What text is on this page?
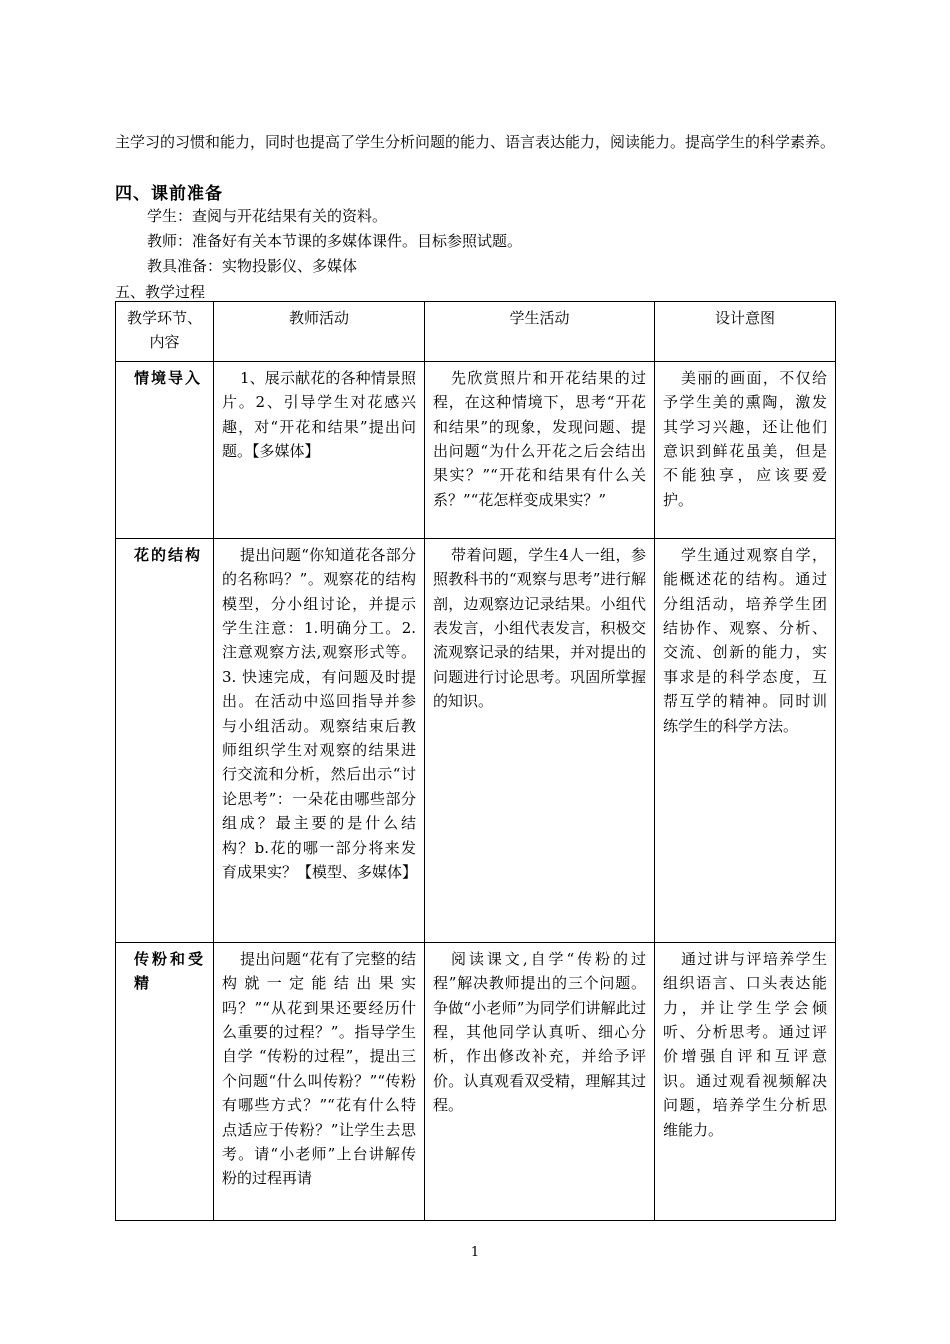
主学习的习惯和能力，同时也提高了学生分析问题的能力、语言表达能力，阅读能力。提高学生的科学素养。
四、课前准备
学生：查阅与开花结果有关的资料。
教师：准备好有关本节课的多媒体课件。目标参照试题。
教具准备：实物投影仪、多媒体
五、教学过程
教学环节、内容	教师活动	学生活动	设计意图
情境导入	1、展示献花的各种情景照片。2、引导学生对花感兴趣，对“开花和结果”提出问题。【多媒体】	先欣赏照片和开花结果的过程，在这种情境下，思考“开花和结果”的现象，发现问题、提出问题“为什么开花之后会结出果实？”“开花和结果有什么关系？”“花怎样变成果实？”	美丽的画面，不仅给予学生美的熏陶，激发其学习兴趣，还让他们意识到鲜花虽美，但是不能独享，应该要爱护。
花的结构	提出问题“你知道花各部分的名称吗？”。观察花的结构模型，分小组讨论，并提示学生注意：1.明确分工。2. 注意观察方法,观察形式等。3. 快速完成，有问题及时提出。在活动中巡回指导并参与小组活动。观察结束后教师组织学生对观察的结果进行交流和分析，然后出示“讨论思考”：一朵花由哪些部分组成？最主要的是什么结构？b.花的哪一部分将来发育成果实？【模型、多媒体】	带着问题，学生4人一组，参照教科书的“观察与思考”进行解剖，边观察边记录结果。小组代表发言，小组代表发言，积极交流观察记录的结果，并对提出的问题进行讨论思考。巩固所掌握的知识。	学生通过观察自学，能概述花的结构。通过分组活动，培养学生团结协作、观察、分析、交流、创新的能力，实事求是的科学态度，互帮互学的精神。同时训练学生的科学方法。
传粉和受精	提出问题“花有了完整的结构就一定能结出果实吗？”“从花到果还要经历什么重要的过程？”。指导学生自学 “传粉的过程”，提出三个问题“什么叫传粉？”“传粉有哪些方式？”“花有什么特点适应于传粉？”让学生去思考。请“小老师”上台讲解传粉的过程再请	阅读课文,自学“传粉的过程”解决教师提出的三个问题。争做“小老师”为同学们讲解此过程，其他同学认真听、细心分析，作出修改补充，并给予评价。认真观看双受精，理解其过程。	通过讲与评培养学生组织语言、口头表达能力，并让学生学会倾听、分析思考。通过评价增强自评和互评意识。通过观看视频解决问题，培养学生分析思维能力。
1
